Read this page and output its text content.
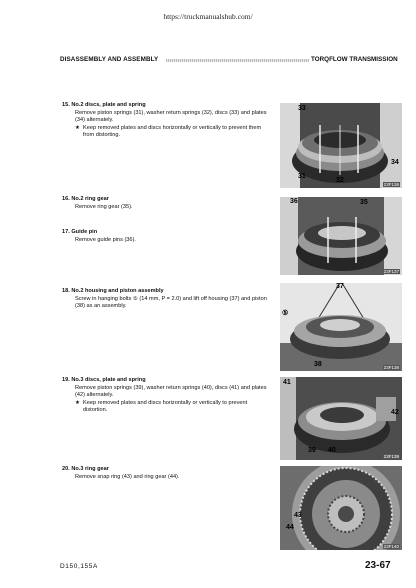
https://truckmanualshub.com/
DISASSEMBLY AND ASSEMBLY	TORQFLOW TRANSMISSION
15. No.2 discs, plate and spring
Remove piston springs (31), washer return springs (32), discs (33) and plates (34) alternately.
★ Keep removed plates and discs horizontally or vertically to prevent them from distorting.
16. No.2 ring gear
Remove ring gear (35).
17. Guide pin
Remove guide pins (36).
18. No.2 housing and piston assembly
Screw in hanging bolts ⑤ (14 mm, P = 2.0) and lift off housing (37) and piston (38) as an assembly.
19. No.3 discs, plate and spring
Remove piston springs (39), washer return springs (40), discs (41) and plates (42) alternately.
★ Keep removed plates and discs horizontally or vertically to prevent distortion.
20. No.3 ring gear
Remove snap ring (43) and ring gear (44).
33
34
31
32
23F136
36	35
23F137
37
⑤
38	23F138
41
42
39 40
23F139
43
44
23F140
D150,155A	23-67
